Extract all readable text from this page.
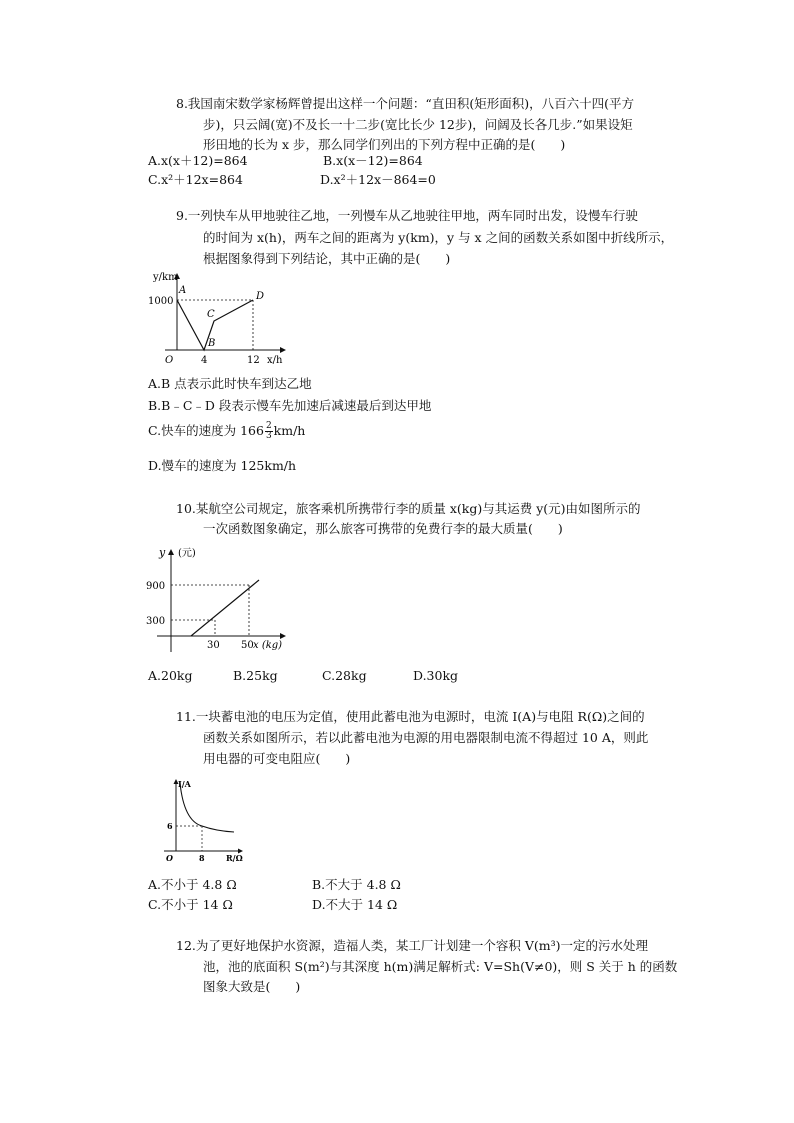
8.我国南宋数学家杨辉曾提出这样一个问题：“直田积(矩形面积)，八百六十四(平方
步)，只云阔(宽)不及长一十二步(宽比长少 12步)，问阔及长各几步.”如果设矩
形田地的长为 x 步，那么同学们列出的下列方程中正确的是(　　)
A.x(x＋12)=864	B.x(x－12)=864
C.x²＋12x=864	D.x²＋12x－864=0
9.一列快车从甲地驶往乙地，一列慢车从乙地驶往甲地，两车同时出发，设慢车行驶
的时间为 x(h)，两车之间的距离为 y(km)，y 与 x 之间的函数关系如图中折线所示，
根据图象得到下列结论，其中正确的是(　　)
y/km
A
1000
C
D
B
O	4	12 x/h
A.B 点表示此时快车到达乙地
B.B﹣C﹣D 段表示慢车先加速后减速最后到达甲地
C.快车的速度为 $166 \frac{2}{3} km/h$
D.慢车的速度为 125km/h
10.某航空公司规定，旅客乘机所携带行李的质量 x(kg)与其运费 y(元)由如图所示的
一次函数图象确定，那么旅客可携带的免费行李的最大质量(　　)
y (元)
900
300
30 50 x (kg)
A.20kg	B.25kg	C.28kg	D.30kg
11.一块蓄电池的电压为定值，使用此蓄电池为电源时，电流 I(A)与电阻 R(Ω)之间的
函数关系如图所示，若以此蓄电池为电源的用电器限制电流不得超过 10 A，则此
用电器的可变电阻应(　　)
I/A
6
O	8	R/Ω
A.不小于 4.8 Ω	B.不大于 4.8 Ω
C.不小于 14 Ω	D.不大于 14 Ω
12.为了更好地保护水资源，造福人类，某工厂计划建一个容积 V(m³)一定的污水处理
池，池的底面积 S(m²)与其深度 h(m)满足解析式: V=Sh(V≠0)，则 S 关于 h 的函数
图象大致是(　　)
